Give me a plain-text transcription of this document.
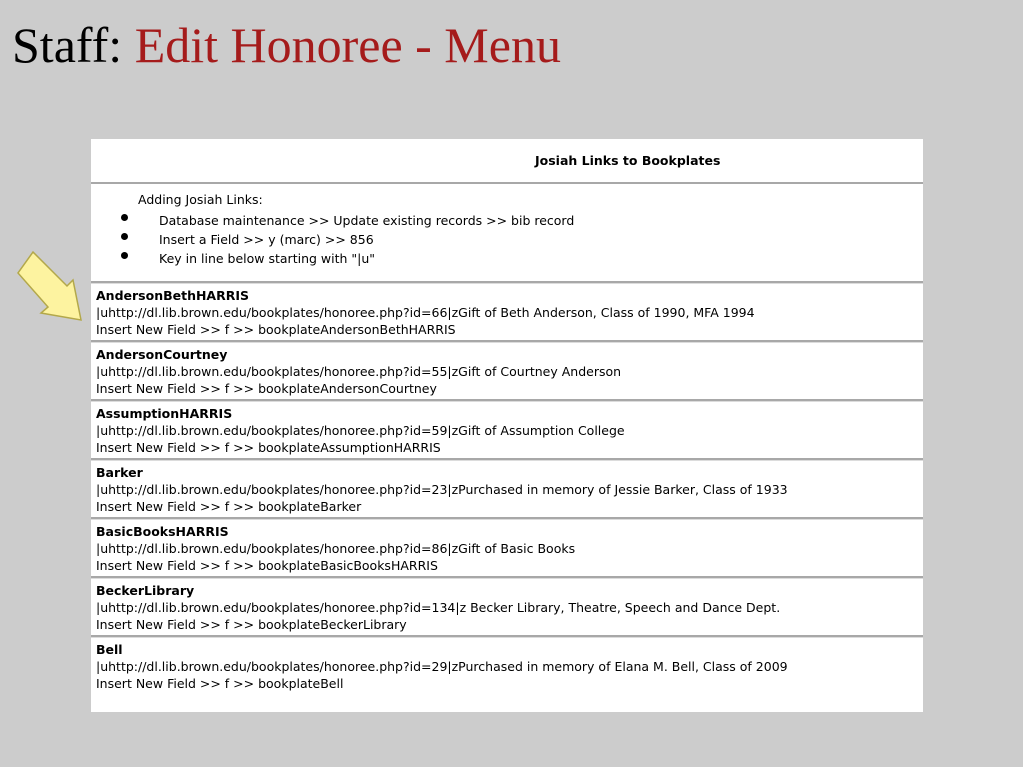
Staff: Edit Honoree - Menu
Josiah Links to Bookplates
Adding Josiah Links:
Database maintenance >> Update existing records >> bib record
Insert a Field >> y (marc) >> 856
Key in line below starting with "|u"
AndersonBethHARRIS
|uhttp://dl.lib.brown.edu/bookplates/honoree.php?id=66|zGift of Beth Anderson, Class of 1990, MFA 1994
Insert New Field >> f >> bookplateAndersonBethHARRIS
AndersonCourtney
|uhttp://dl.lib.brown.edu/bookplates/honoree.php?id=55|zGift of Courtney Anderson
Insert New Field >> f >> bookplateAndersonCourtney
AssumptionHARRIS
|uhttp://dl.lib.brown.edu/bookplates/honoree.php?id=59|zGift of Assumption College
Insert New Field >> f >> bookplateAssumptionHARRIS
Barker
|uhttp://dl.lib.brown.edu/bookplates/honoree.php?id=23|zPurchased in memory of Jessie Barker, Class of 1933
Insert New Field >> f >> bookplateBarker
BasicBooksHARRIS
|uhttp://dl.lib.brown.edu/bookplates/honoree.php?id=86|zGift of Basic Books
Insert New Field >> f >> bookplateBasicBooksHARRIS
BeckerLibrary
|uhttp://dl.lib.brown.edu/bookplates/honoree.php?id=134|z Becker Library, Theatre, Speech and Dance Dept.
Insert New Field >> f >> bookplateBeckerLibrary
Bell
|uhttp://dl.lib.brown.edu/bookplates/honoree.php?id=29|zPurchased in memory of Elana M. Bell, Class of 2009
Insert New Field >> f >> bookplateBell
